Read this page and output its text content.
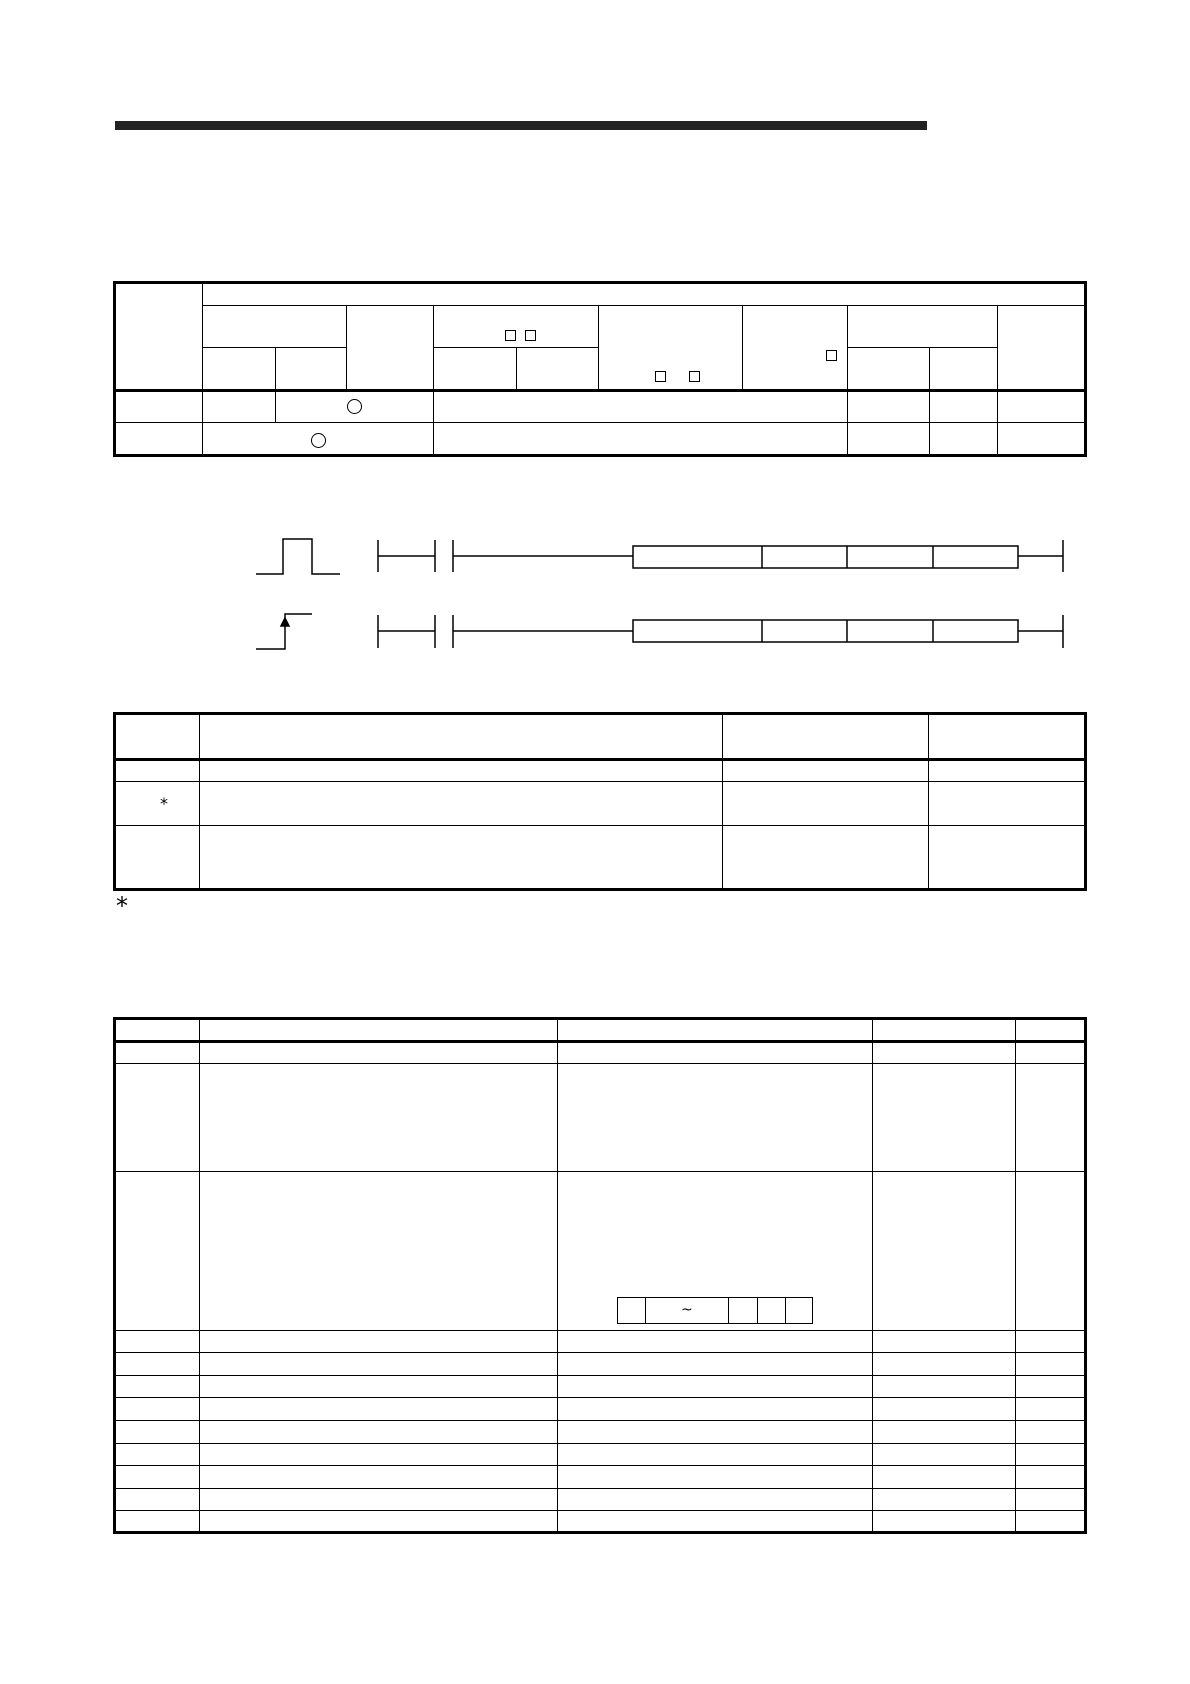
*
*
~
